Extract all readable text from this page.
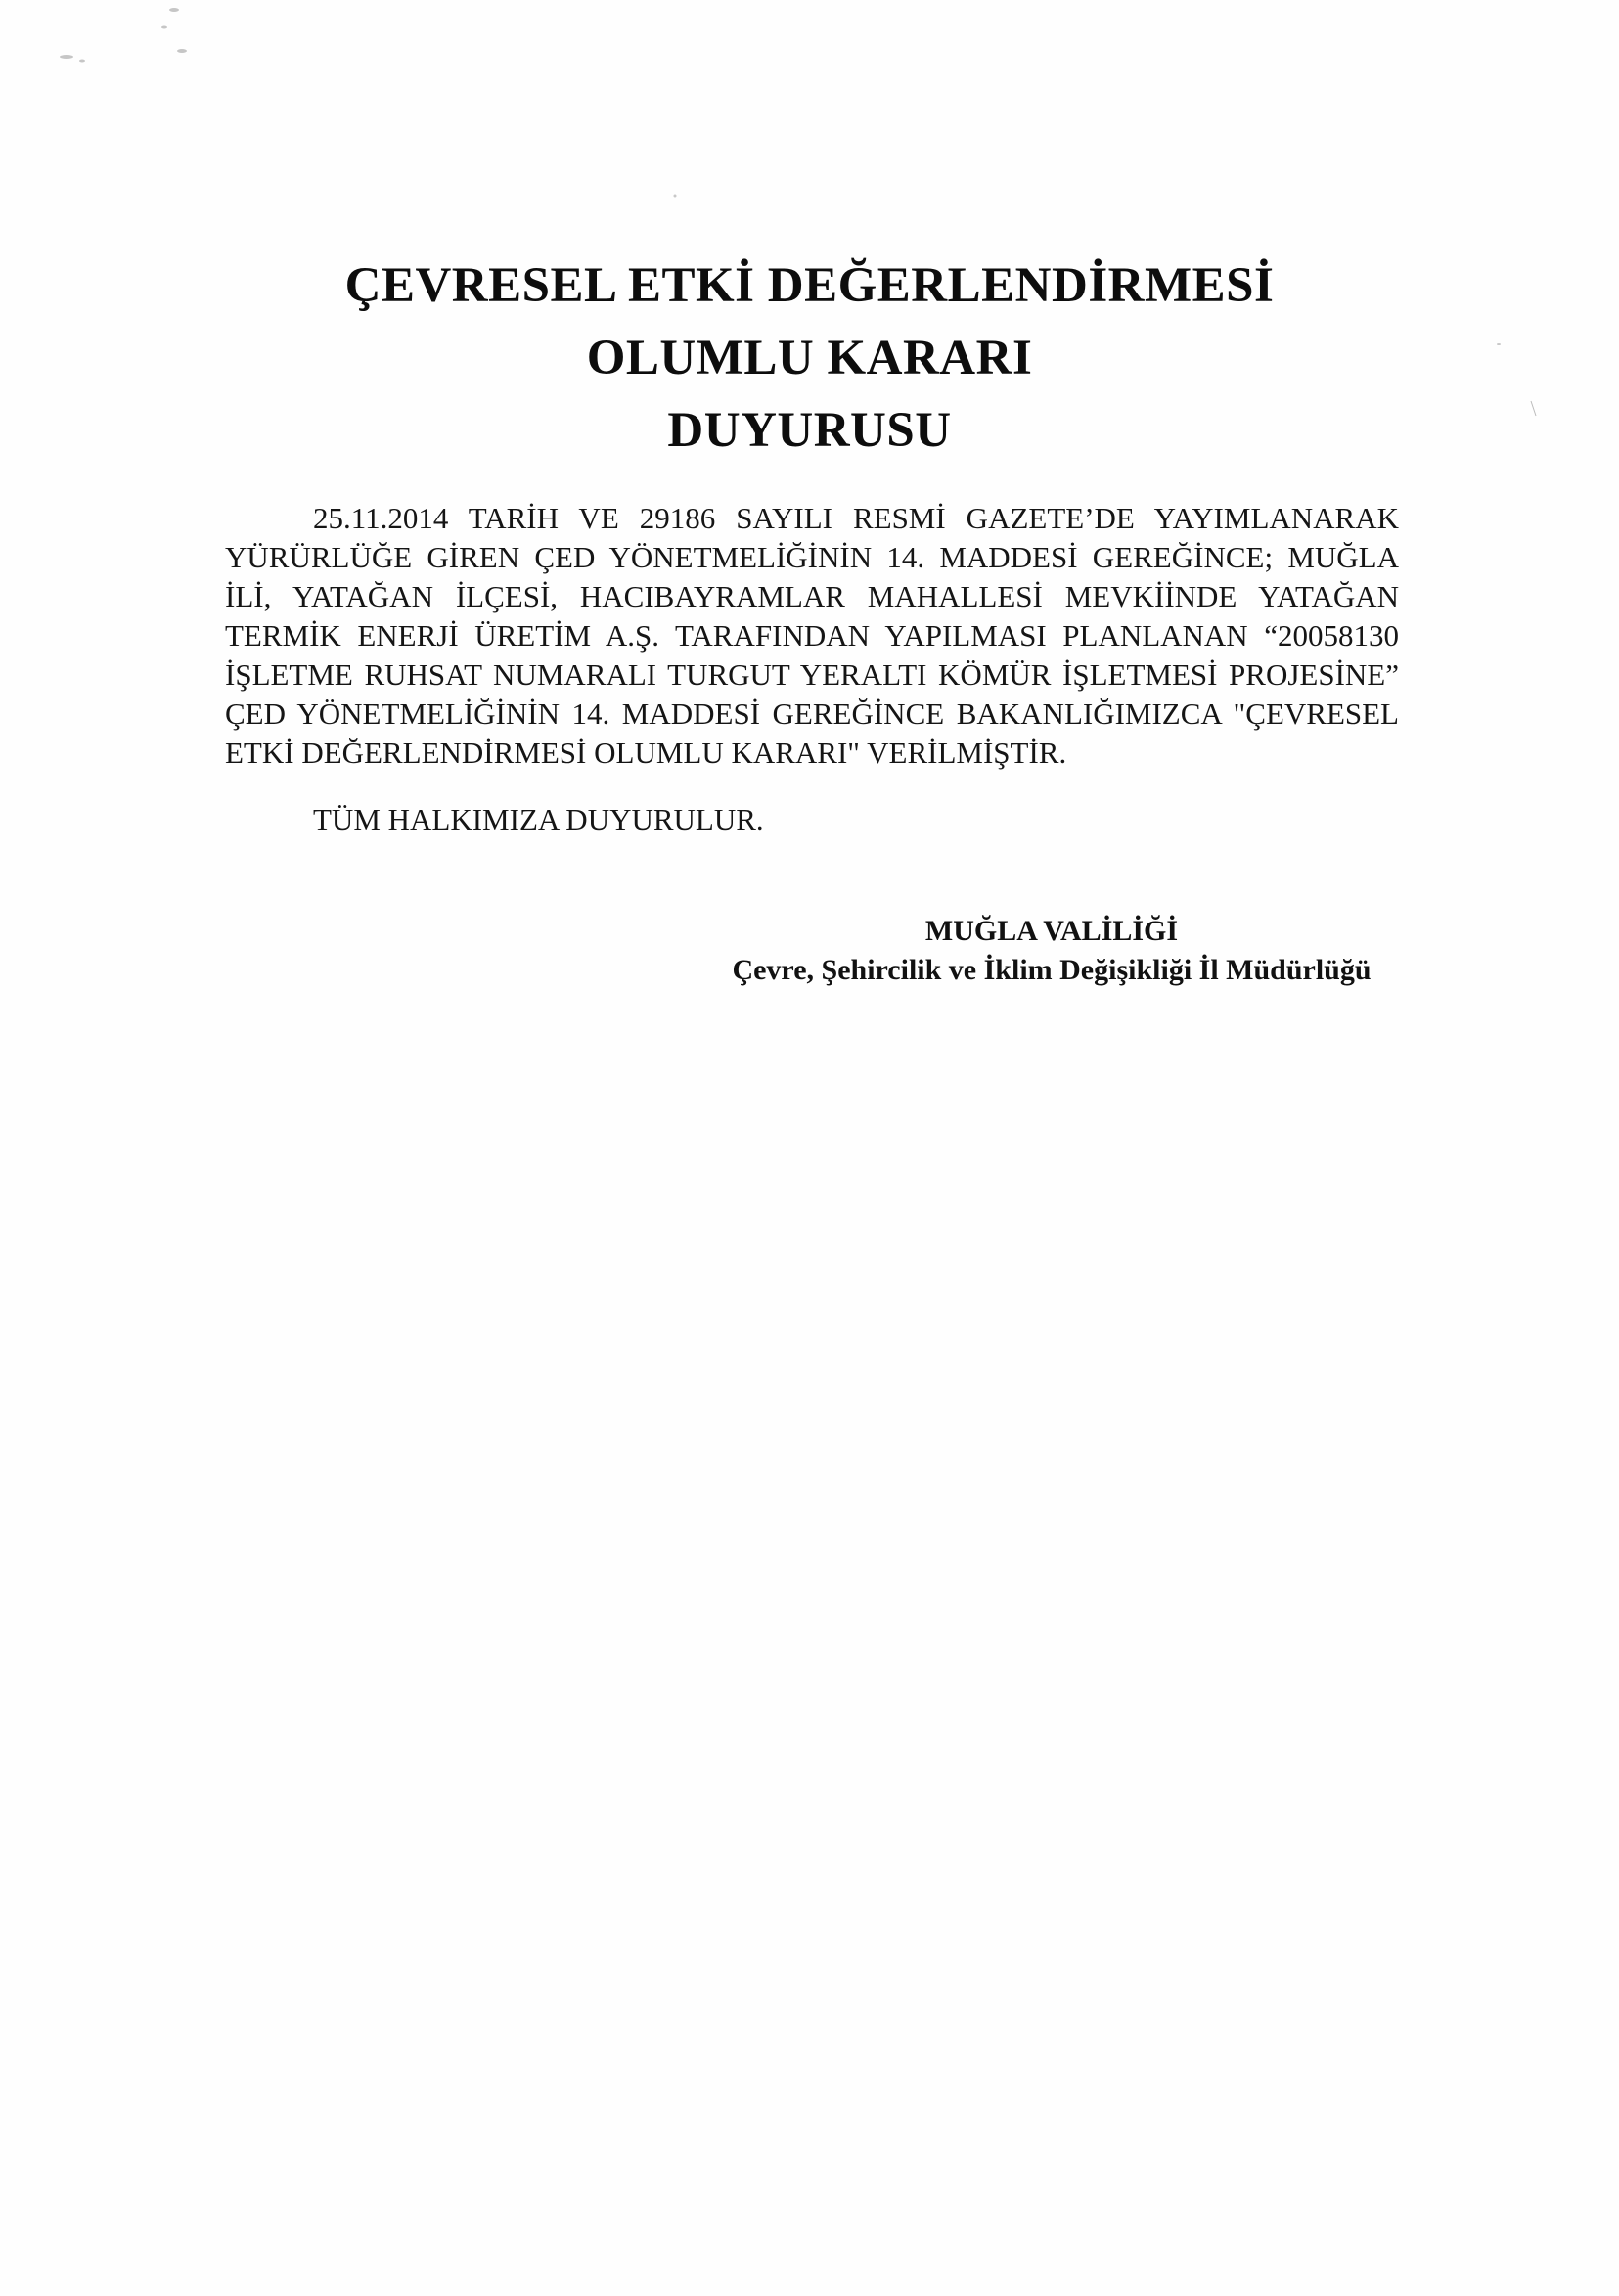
ÇEVRESEL ETKİ DEĞERLENDİRMESİ
OLUMLU KARARI
DUYURUSU

25.11.2014 TARİH VE 29186 SAYILI RESMİ GAZETE’DE YAYIMLANARAK YÜRÜRLÜĞE GİREN ÇED YÖNETMELİĞİNİN 14. MADDESİ GEREĞİNCE; MUĞLA İLİ, YATAĞAN İLÇESİ, HACIBAYRAMLAR MAHALLESİ MEVKİİNDE YATAĞAN TERMİK ENERJİ ÜRETİM A.Ş. TARAFINDAN YAPILMASI PLANLANAN “20058130 İŞLETME RUHSAT NUMARALI TURGUT YERALTI KÖMÜR İŞLETMESİ PROJESİNE” ÇED YÖNETMELİĞİNİN 14. MADDESİ GEREĞİNCE BAKANLIĞIMIZCA "ÇEVRESEL ETKİ DEĞERLENDİRMESİ OLUMLU KARARI" VERİLMİŞTİR.

TÜM HALKIMIZA DUYURULUR.

MUĞLA VALİLİĞİ
Çevre, Şehircilik ve İklim Değişikliği İl Müdürlüğü
